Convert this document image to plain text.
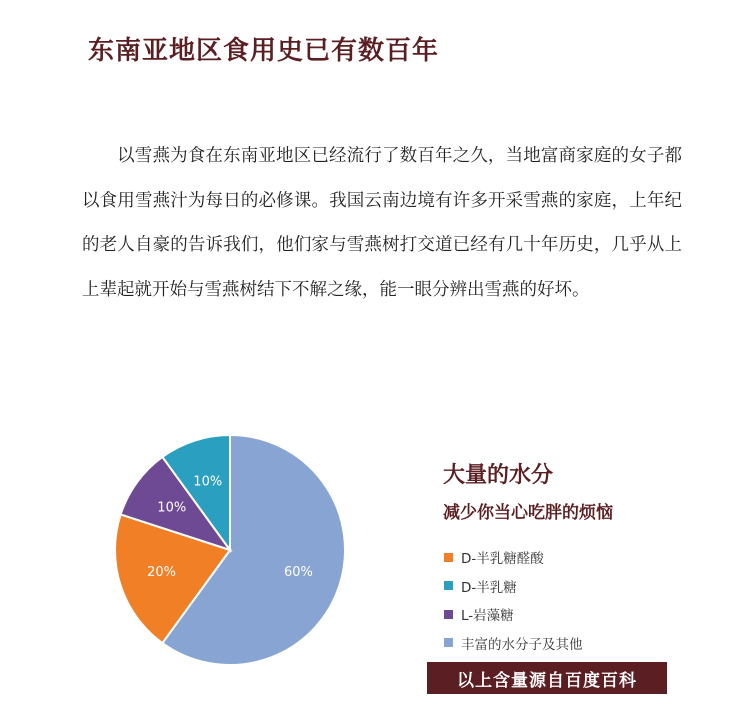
东南亚地区食用史已有数百年
以雪燕为食在东南亚地区已经流行了数百年之久，当地富商家庭的女子都以食用雪燕汁为每日的必修课。我国云南边境有许多开采雪燕的家庭，上年纪的老人自豪的告诉我们，他们家与雪燕树打交道已经有几十年历史，几乎从上上辈起就开始与雪燕树结下不解之缘，能一眼分辨出雪燕的好坏。
60%
20%
10%
10%	大量的水分
减少你当心吃胖的烦恼
D-半乳糖醛酸
D-半乳糖
L-岩藻糖
丰富的水分子及其他
以上含量源自百度百科
